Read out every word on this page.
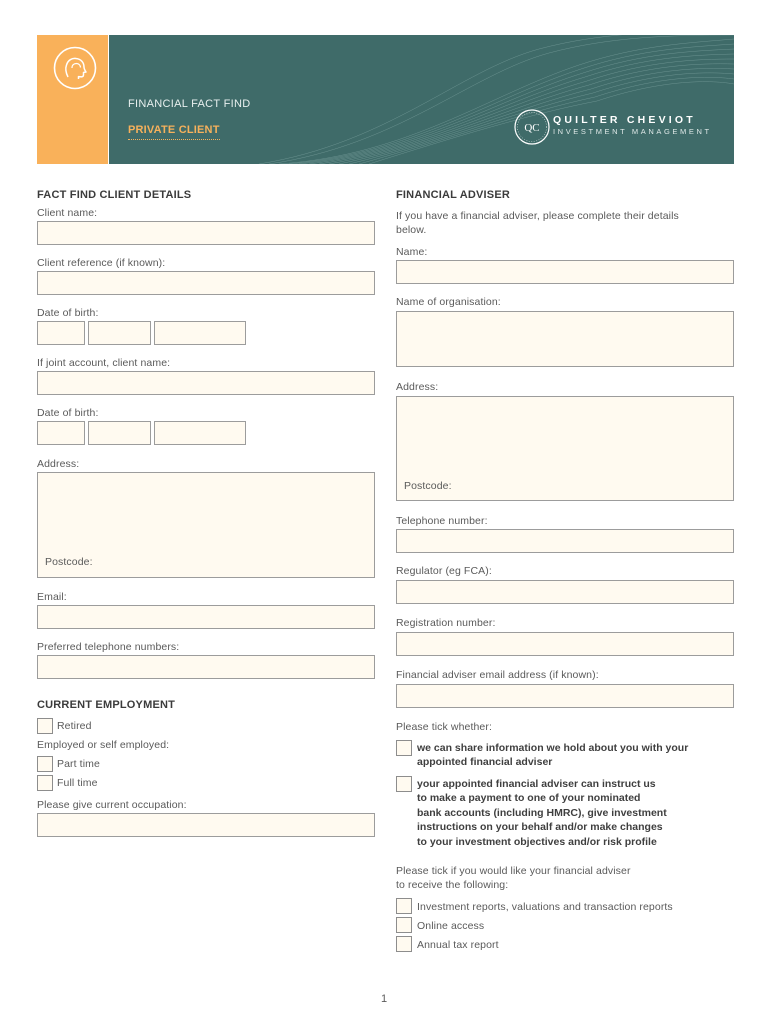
QC
FINANCIAL FACT FIND
PRIVATE CLIENT
QUILTER CHEVIOT
INVESTMENT MANAGEMENT
FACT FIND CLIENT DETAILS
Client name:
Client reference (if known):
Date of birth:
If joint account, client name:
Date of birth:
Address:
Postcode:
Email:
Preferred telephone numbers:
CURRENT EMPLOYMENT
Retired
Employed or self employed:
Part time
Full time
Please give current occupation:
FINANCIAL ADVISER
If you have a financial adviser, please complete their details
below.
Name:
Name of organisation:
Address:
Postcode:
Telephone number:
Regulator (eg FCA):
Registration number:
Financial adviser email address (if known):
Please tick whether:
we can share information we hold about you with your
appointed financial adviser
your appointed financial adviser can instruct us
to make a payment to one of your nominated
bank accounts (including HMRC), give investment
instructions on your behalf and/or make changes
to your investment objectives and/or risk profile
Please tick if you would like your financial adviser
to receive the following:
Investment reports, valuations and transaction reports
Online access
Annual tax report
1
